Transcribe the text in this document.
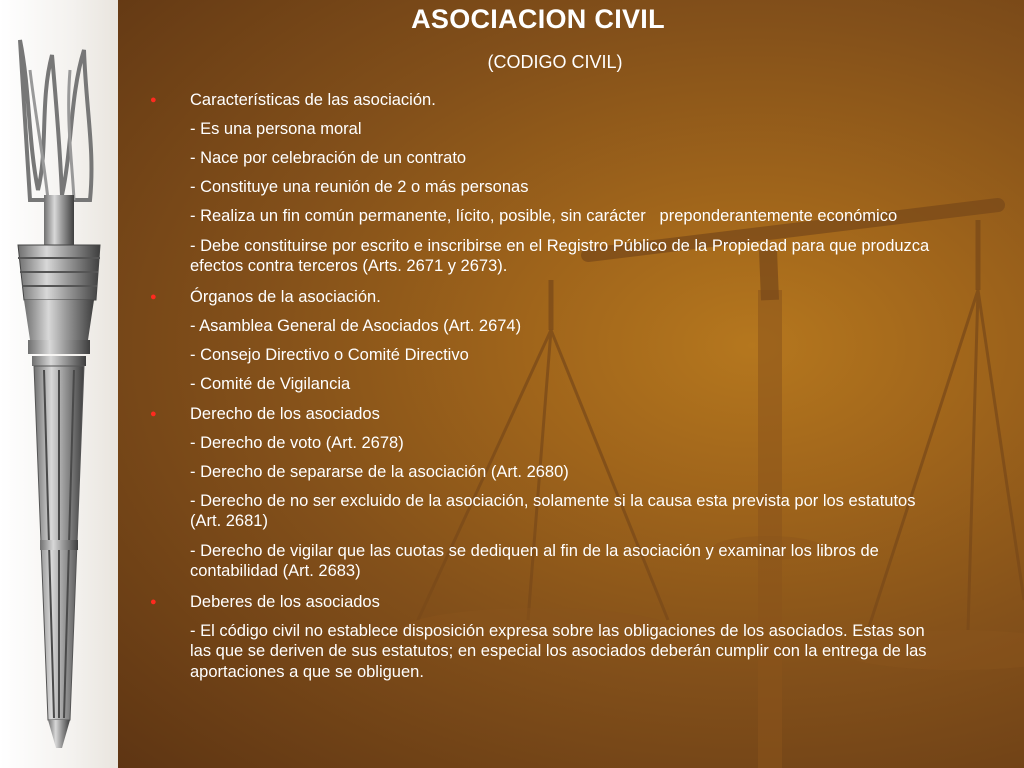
ASOCIACION CIVIL
(CODIGO CIVIL)
● Características de las asociación.
- Es una persona moral
- Nace por celebración de un contrato
- Constituye una reunión de 2 o más personas
- Realiza un fin común permanente, lícito, posible, sin carácter   preponderantemente económico
- Debe constituirse por escrito e inscribirse en el Registro Público de la Propiedad para que produzca efectos contra terceros (Arts. 2671 y 2673).
● Órganos de la asociación.
- Asamblea General de Asociados (Art. 2674)
- Consejo Directivo o Comité Directivo
- Comité de Vigilancia
● Derecho de los asociados
- Derecho de voto (Art. 2678)
- Derecho de separarse de la asociación (Art. 2680)
- Derecho de no ser excluido de la asociación, solamente si la causa esta prevista por los estatutos (Art. 2681)
- Derecho de vigilar que las cuotas se dediquen al fin de la asociación y examinar los libros de contabilidad (Art. 2683)
● Deberes de los asociados
- El código civil no establece disposición expresa sobre las obligaciones de los asociados. Estas son las que se deriven de sus estatutos; en especial los asociados deberán cumplir con la entrega de las aportaciones a que se obliguen.
